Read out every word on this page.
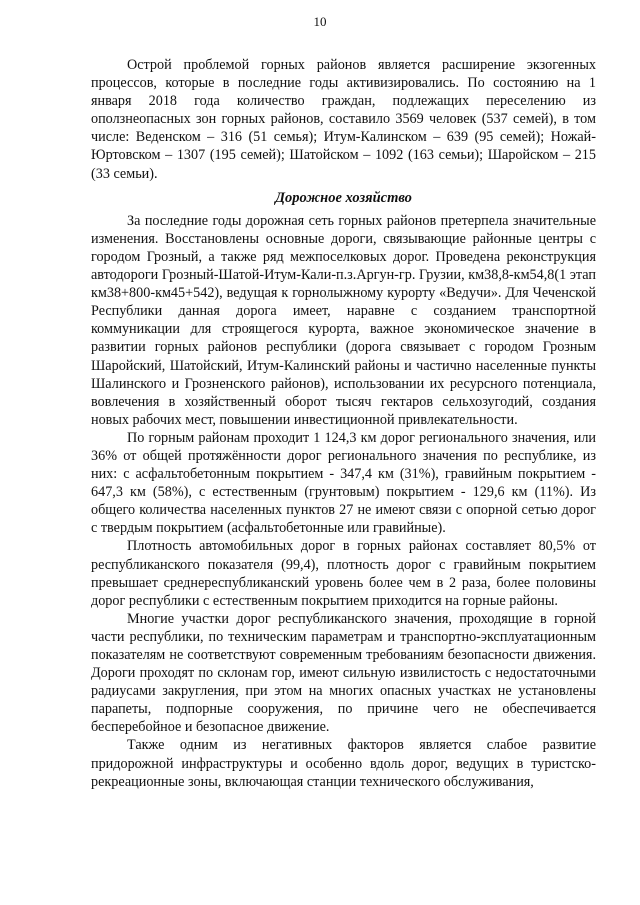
10

Острой проблемой горных районов является расширение экзогенных процессов, которые в последние годы активизировались. По состоянию на 1 января 2018 года количество граждан, подлежащих переселению из оползнеопасных зон горных районов, составило 3569 человек (537 семей), в том числе: Веденском – 316 (51 семья); Итум-Калинском – 639 (95 семей); Ножай-Юртовском – 1307 (195 семей); Шатойском – 1092 (163 семьи); Шаройском – 215 (33 семьи).

Дорожное хозяйство

За последние годы дорожная сеть горных районов претерпела значительные изменения. Восстановлены основные дороги, связывающие районные центры с городом Грозный, а также ряд межпоселковых дорог. Проведена реконструкция автодороги Грозный-Шатой-Итум-Кали-п.з.Аргун-гр. Грузии, км38,8-км54,8(1 этап км38+800-км45+542), ведущая к горнолыжному курорту «Ведучи». Для Чеченской Республики данная дорога имеет, наравне с созданием транспортной коммуникации для строящегося курорта, важное экономическое значение в развитии горных районов республики (дорога связывает с городом Грозным Шаройский, Шатойский, Итум-Калинский районы и частично населенные пункты Шалинского и Грозненского районов), использовании их ресурсного потенциала, вовлечения в хозяйственный оборот тысяч гектаров сельхозугодий, создания новых рабочих мест, повышении инвестиционной привлекательности.

По горным районам проходит 1 124,3 км дорог регионального значения, или 36% от общей протяжённости дорог регионального значения по республике, из них: с асфальтобетонным покрытием - 347,4 км (31%), гравийным покрытием - 647,3 км (58%), с естественным (грунтовым) покрытием - 129,6 км (11%). Из общего количества населенных пунктов 27 не имеют связи с опорной сетью дорог с твердым покрытием (асфальтобетонные или гравийные).

Плотность автомобильных дорог в горных районах составляет 80,5% от республиканского показателя (99,4), плотность дорог с гравийным покрытием превышает среднереспубликанский уровень более чем в 2 раза, более половины дорог республики с естественным покрытием приходится на горные районы.

Многие участки дорог республиканского значения, проходящие в горной части республики, по техническим параметрам и транспортно-эксплуатационным показателям не соответствуют современным требованиям безопасности движения. Дороги проходят по склонам гор, имеют сильную извилистость с недостаточными радиусами закругления, при этом на многих опасных участках не установлены парапеты, подпорные сооружения, по причине чего не обеспечивается бесперебойное и безопасное движение.

Также одним из негативных факторов является слабое развитие придорожной инфраструктуры и особенно вдоль дорог, ведущих в туристско-рекреационные зоны, включающая станции технического обслуживания,
